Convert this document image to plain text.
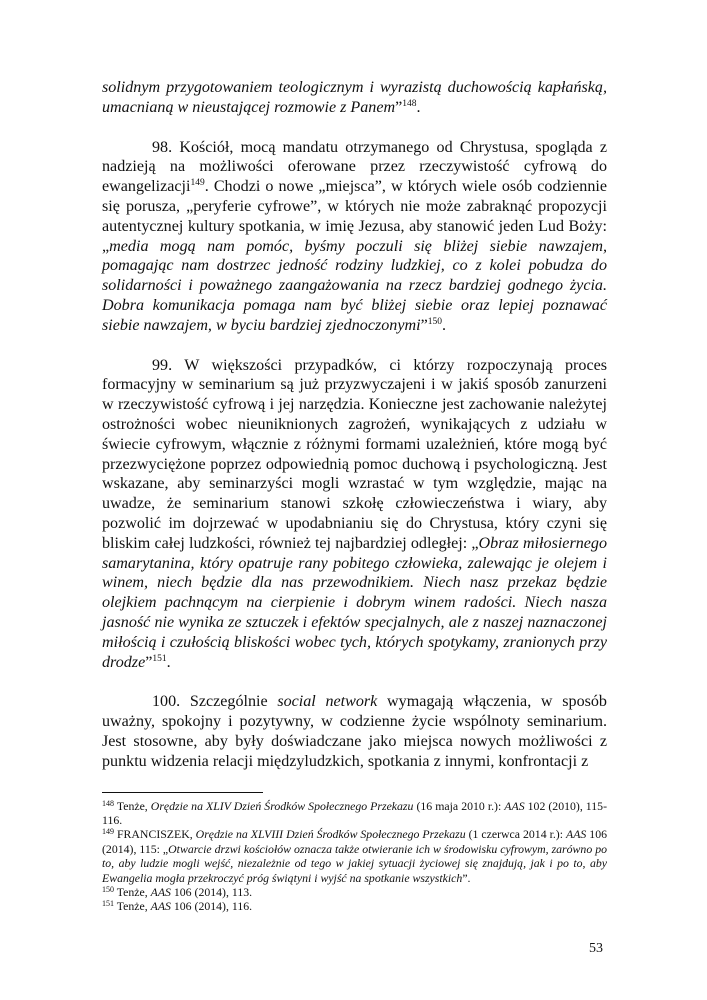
solidnym przygotowaniem teologicznym i wyrazistą duchowością kapłańską, umacnianą w nieustającej rozmowie z Panem”$^{148}$.

98. Kościół, mocą mandatu otrzymanego od Chrystusa, spogląda z nadzieją na możliwości oferowane przez rzeczywistość cyfrową do ewangelizacji$^{149}$. Chodzi o nowe „miejsca”, w których wiele osób codziennie się porusza, „peryferie cyfrowe”, w których nie może zabraknąć propozycji autentycznej kultury spotkania, w imię Jezusa, aby stanowić jeden Lud Boży: „media mogą nam pomóc, byśmy poczuli się bliżej siebie nawzajem, pomagając nam dostrzec jedność rodziny ludzkiej, co z kolei pobudza do solidarności i poważnego zaangażowania na rzecz bardziej godnego życia. Dobra komunikacja pomaga nam być bliżej siebie oraz lepiej poznawać siebie nawzajem, w byciu bardziej zjednoczonymi”$^{150}$.

99. W większości przypadków, ci którzy rozpoczynają proces formacyjny w seminarium są już przyzwyczajeni i w jakiś sposób zanurzeni w rzeczywistość cyfrową i jej narzędzia. Konieczne jest zachowanie należytej ostrożności wobec nieuniknionych zagrożeń, wynikających z udziału w świecie cyfrowym, włącznie z różnymi formami uzależnień, które mogą być przezwyciężone poprzez odpowiednią pomoc duchową i psychologiczną. Jest wskazane, aby seminarzyści mogli wzrastać w tym względzie, mając na uwadze, że seminarium stanowi szkołę człowieczeństwa i wiary, aby pozwolić im dojrzewać w upodabnianiu się do Chrystusa, który czyni się bliskim całej ludzkości, również tej najbardziej odległej: „Obraz miłosiernego samarytanina, który opatruje rany pobitego człowieka, zalewając je olejem i winem, niech będzie dla nas przewodnikiem. Niech nasz przekaz będzie olejkiem pachnącym na cierpienie i dobrym winem radości. Niech nasza jasność nie wynika ze sztuczek i efektów specjalnych, ale z naszej naznaczonej miłością i czułością bliskości wobec tych, których spotykamy, zranionych przy drodze”$^{151}$.

100. Szczególnie social network wymagają włączenia, w sposób uważny, spokojny i pozytywny, w codzienne życie wspólnoty seminarium. Jest stosowne, aby były doświadczane jako miejsca nowych możliwości z punktu widzenia relacji międzyludzkich, spotkania z innymi, konfrontacji z

$^{148}$ Tenże, Orędzie na XLIV Dzień Środków Społecznego Przekazu (16 maja 2010 r.): AAS 102 (2010), 115-116.

$^{149}$ FRANCISZEK, Orędzie na XLVIII Dzień Środków Społecznego Przekazu (1 czerwca 2014 r.): AAS 106 (2014), 115: „Otwarcie drzwi kościołów oznacza także otwieranie ich w środowisku cyfrowym, zarówno po to, aby ludzie mogli wejść, niezależnie od tego w jakiej sytuacji życiowej się znajdują, jak i po to, aby Ewangelia mogła przekroczyć próg świątyni i wyjść na spotkanie wszystkich”.

$^{150}$ Tenże, AAS 106 (2014), 113.

$^{151}$ Tenże, AAS 106 (2014), 116.

53
